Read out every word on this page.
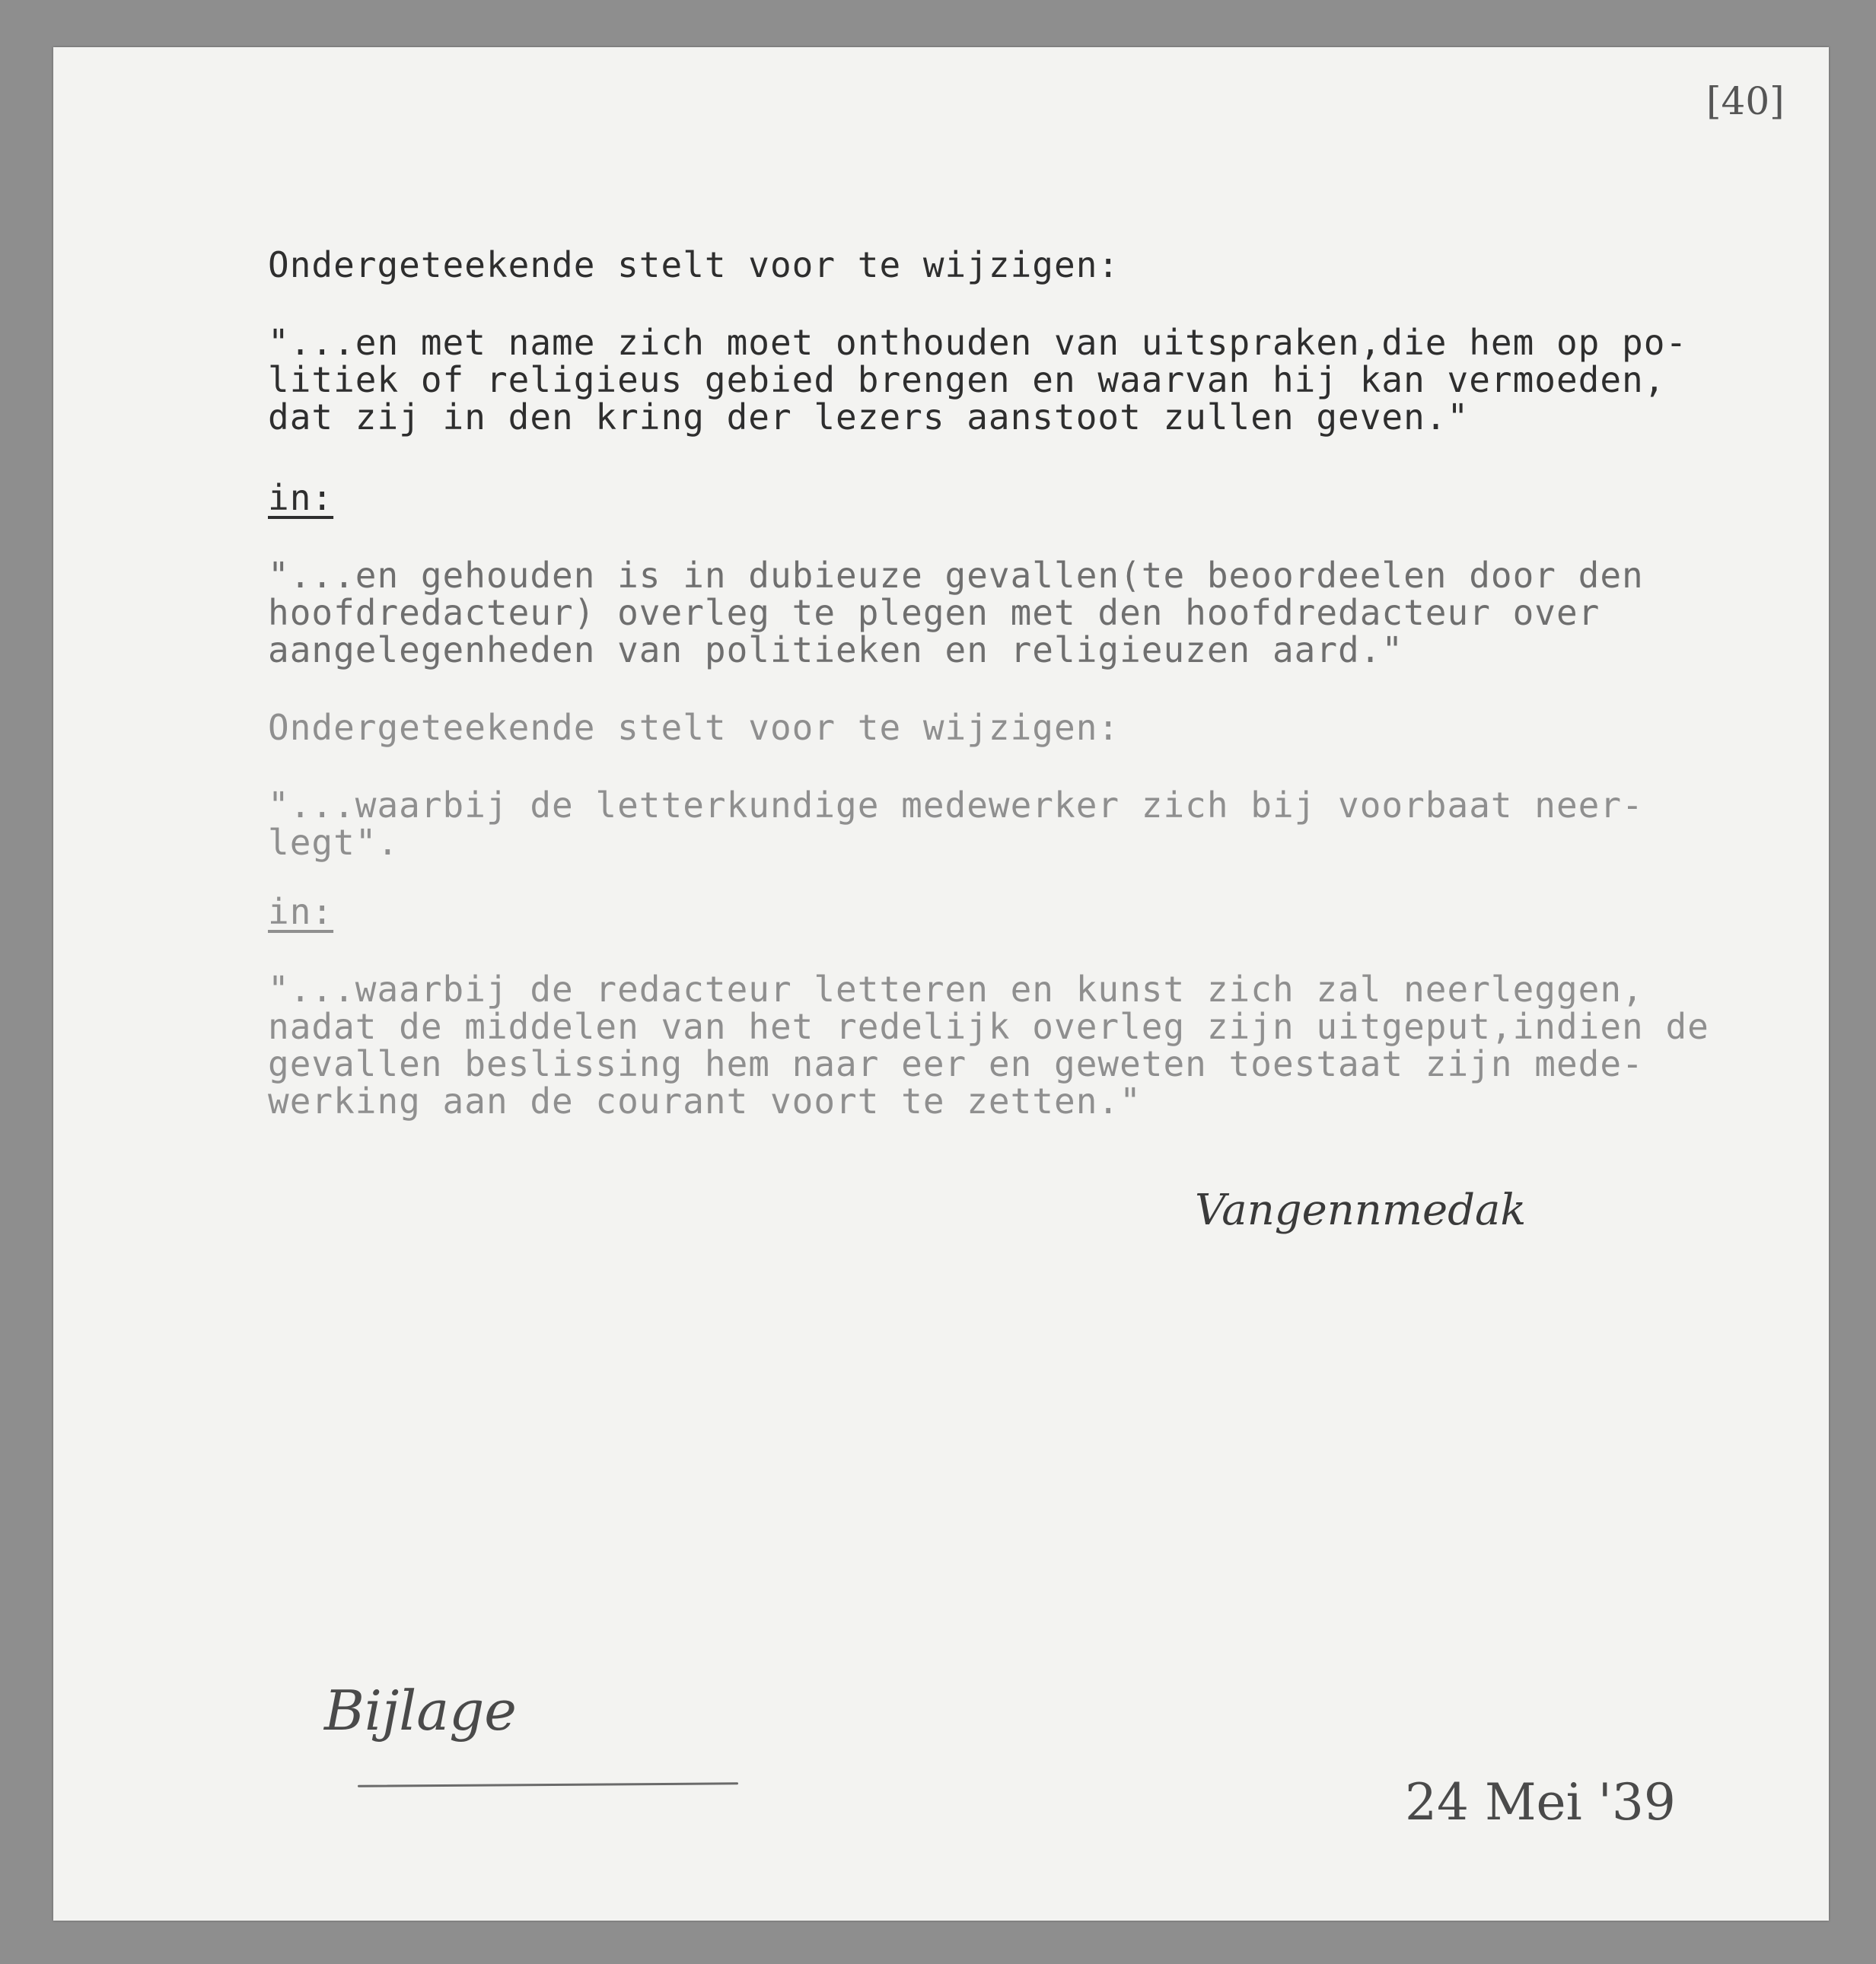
[40]

Ondergeteekende stelt voor te wijzigen:

"...en met name zich moet onthouden van uitspraken,die hem op po-
litiek of religieus gebied brengen en waarvan hij kan vermoeden,
dat zij in den kring der lezers aanstoot zullen geven."

in:

"...en gehouden is in dubieuze gevallen(te beoordeelen door den
hoofdredacteur) overleg te plegen met den hoofdredacteur over
aangelegenheden van politieken en religieuzen aard."

Ondergeteekende stelt voor te wijzigen:

"...waarbij de letterkundige medewerker zich bij voorbaat neer-
legt".

in:

"...waarbij de redacteur letteren en kunst zich zal neerleggen,
nadat de middelen van het redelijk overleg zijn uitgeput,indien de
gevallen beslissing hem naar eer en geweten toestaat zijn mede-
werking aan de courant voort te zetten."

Vangennmedak

Bijlage

24 Mei '39
